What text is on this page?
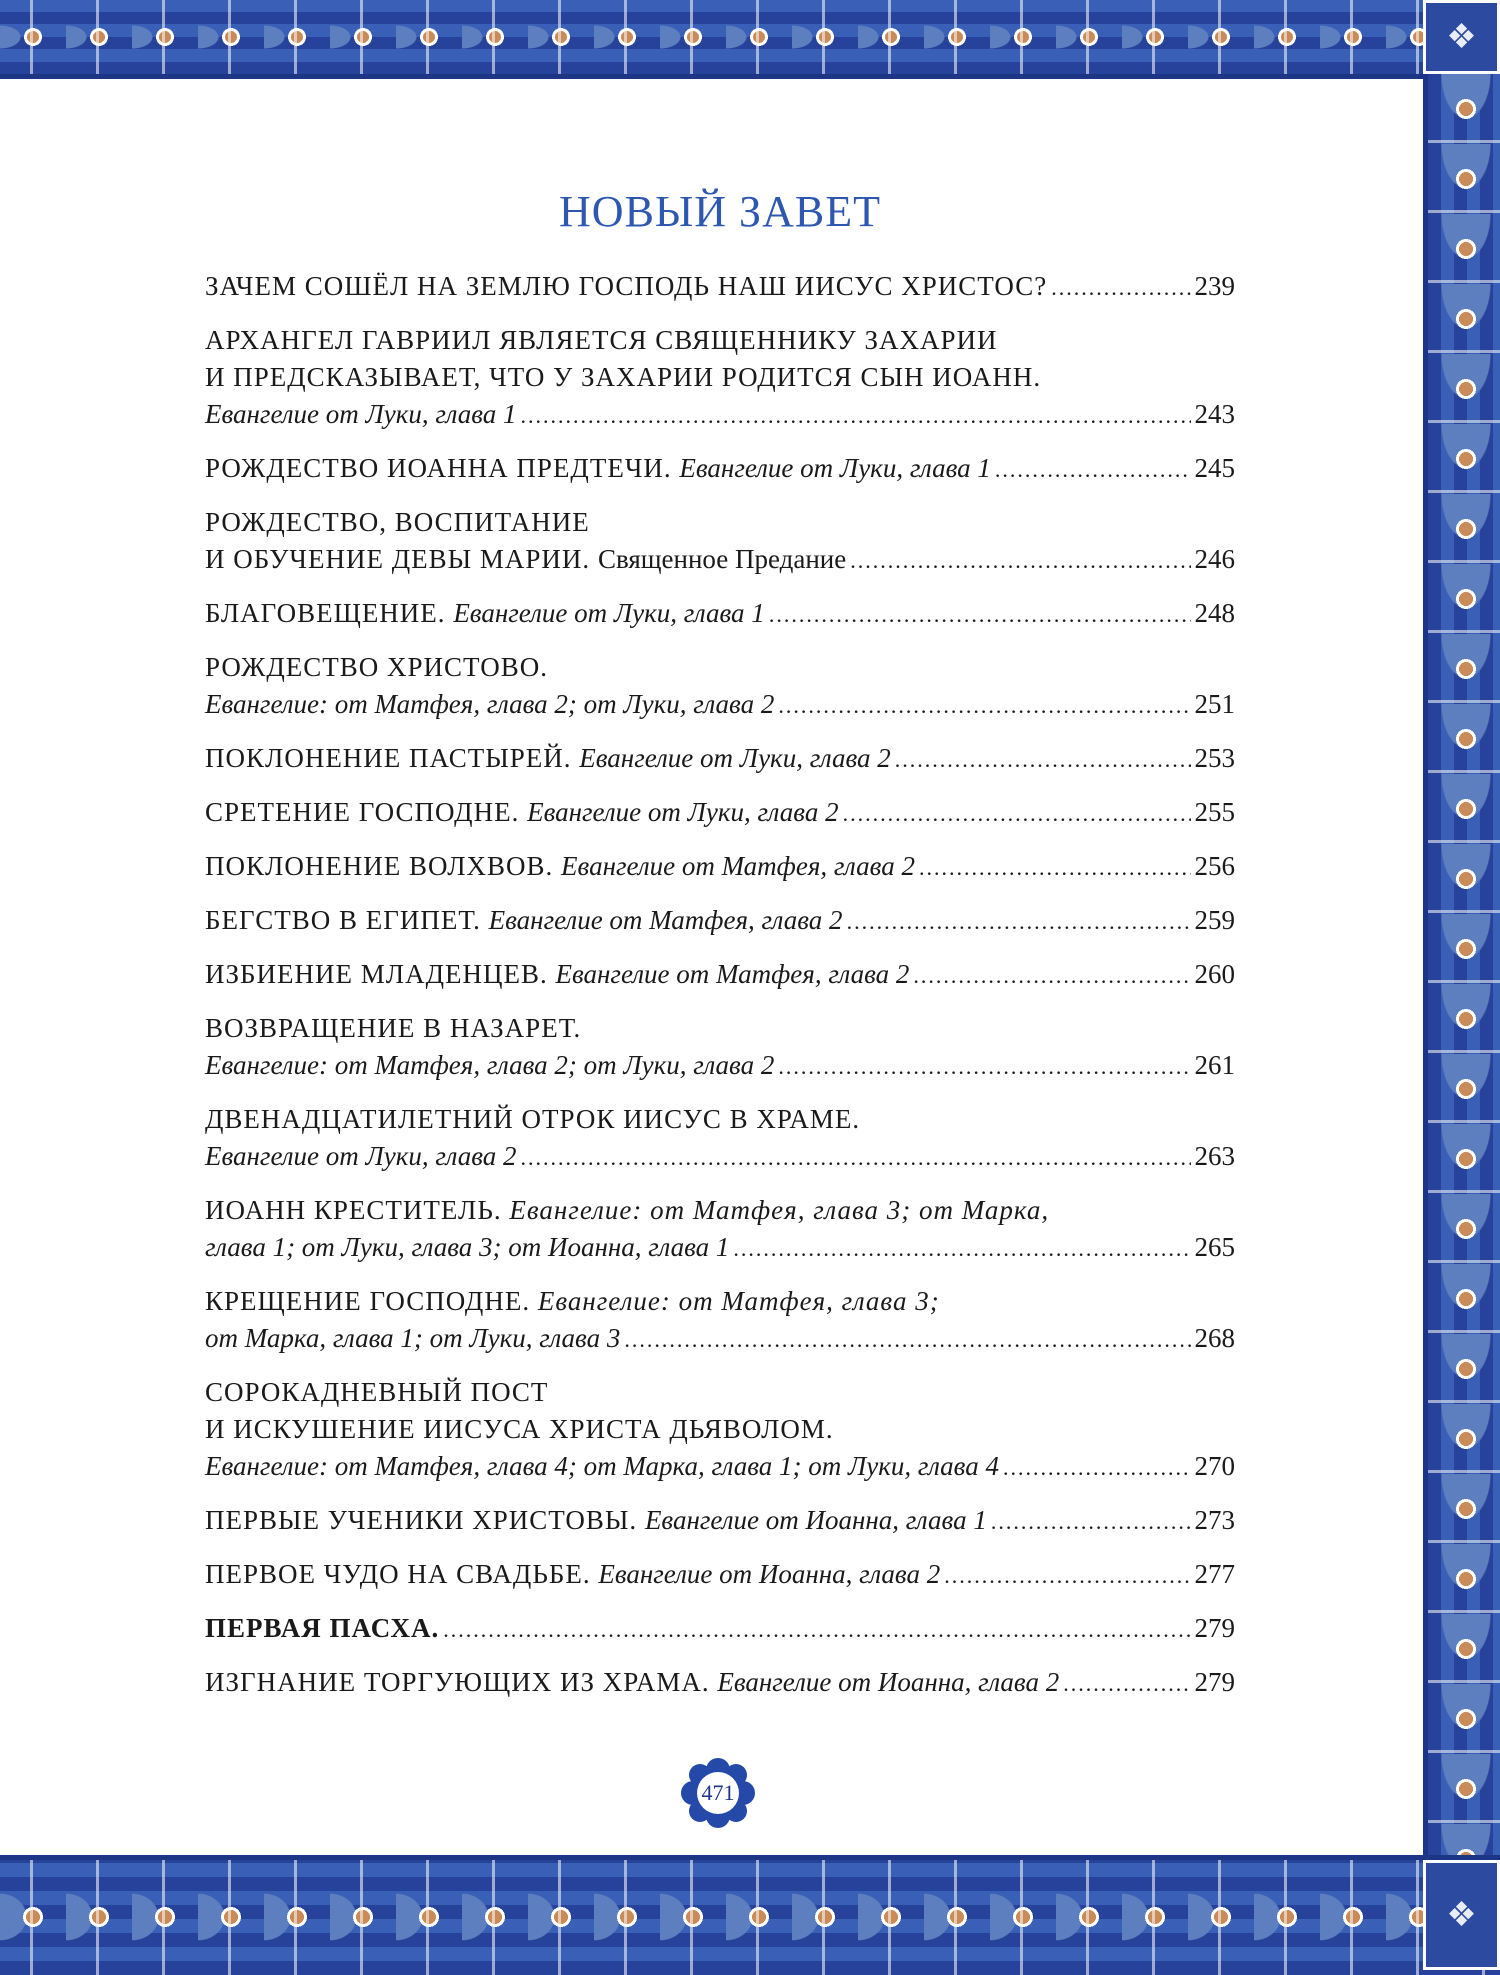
❖
❖
НОВЫЙ ЗАВЕТ
ЗАЧЕМ СОШЁЛ НА ЗЕМЛЮ ГОСПОДЬ НАШ ИИСУС ХРИСТОС? .....	239
АРХАНГЕЛ ГАВРИИЛ ЯВЛЯЕТСЯ СВЯЩЕННИКУ ЗАХАРИИ
И ПРЕДСКАЗЫВАЕТ, ЧТО У ЗАХАРИИ РОДИТСЯ СЫН ИОАНН.
Евангелие от Луки, глава 1 .....	243
РОЖДЕСТВО ИОАННА ПРЕДТЕЧИ. Евангелие от Луки, глава 1 .....	245
РОЖДЕСТВО, ВОСПИТАНИЕ
И ОБУЧЕНИЕ ДЕВЫ МАРИИ. Священное Предание .....	246
БЛАГОВЕЩЕНИЕ. Евангелие от Луки, глава 1 .....	248
РОЖДЕСТВО ХРИСТОВО.
Евангелие: от Матфея, глава 2; от Луки, глава 2 .....	251
ПОКЛОНЕНИЕ ПАСТЫРЕЙ. Евангелие от Луки, глава 2 .....	253
СРЕТЕНИЕ ГОСПОДНЕ. Евангелие от Луки, глава 2 .....	255
ПОКЛОНЕНИЕ ВОЛХВОВ. Евангелие от Матфея, глава 2 .....	256
БЕГСТВО В ЕГИПЕТ. Евангелие от Матфея, глава 2 .....	259
ИЗБИЕНИЕ МЛАДЕНЦЕВ. Евангелие от Матфея, глава 2 .....	260
ВОЗВРАЩЕНИЕ В НАЗАРЕТ.
Евангелие: от Матфея, глава 2; от Луки, глава 2 .....	261
ДВЕНАДЦАТИЛЕТНИЙ ОТРОК ИИСУС В ХРАМЕ.
Евангелие от Луки, глава 2 .....	263
ИОАНН КРЕСТИТЕЛЬ. Евангелие: от Матфея, глава 3; от Марка,
глава 1; от Луки, глава 3; от Иоанна, глава 1 .....	265
КРЕЩЕНИЕ ГОСПОДНЕ. Евангелие: от Матфея, глава 3;
от Марка, глава 1; от Луки, глава 3 .....	268
СОРОКАДНЕВНЫЙ ПОСТ
И ИСКУШЕНИЕ ИИСУСА ХРИСТА ДЬЯВОЛОМ.
Евангелие: от Матфея, глава 4; от Марка, глава 1; от Луки, глава 4 .....	270
ПЕРВЫЕ УЧЕНИКИ ХРИСТОВЫ. Евангелие от Иоанна, глава 1 .....	273
ПЕРВОЕ ЧУДО НА СВАДЬБЕ. Евангелие от Иоанна, глава 2 .....	277
ПЕРВАЯ ПАСХА. .....	279
ИЗГНАНИЕ ТОРГУЮЩИХ ИЗ ХРАМА. Евангелие от Иоанна, глава 2 .....	279
471
